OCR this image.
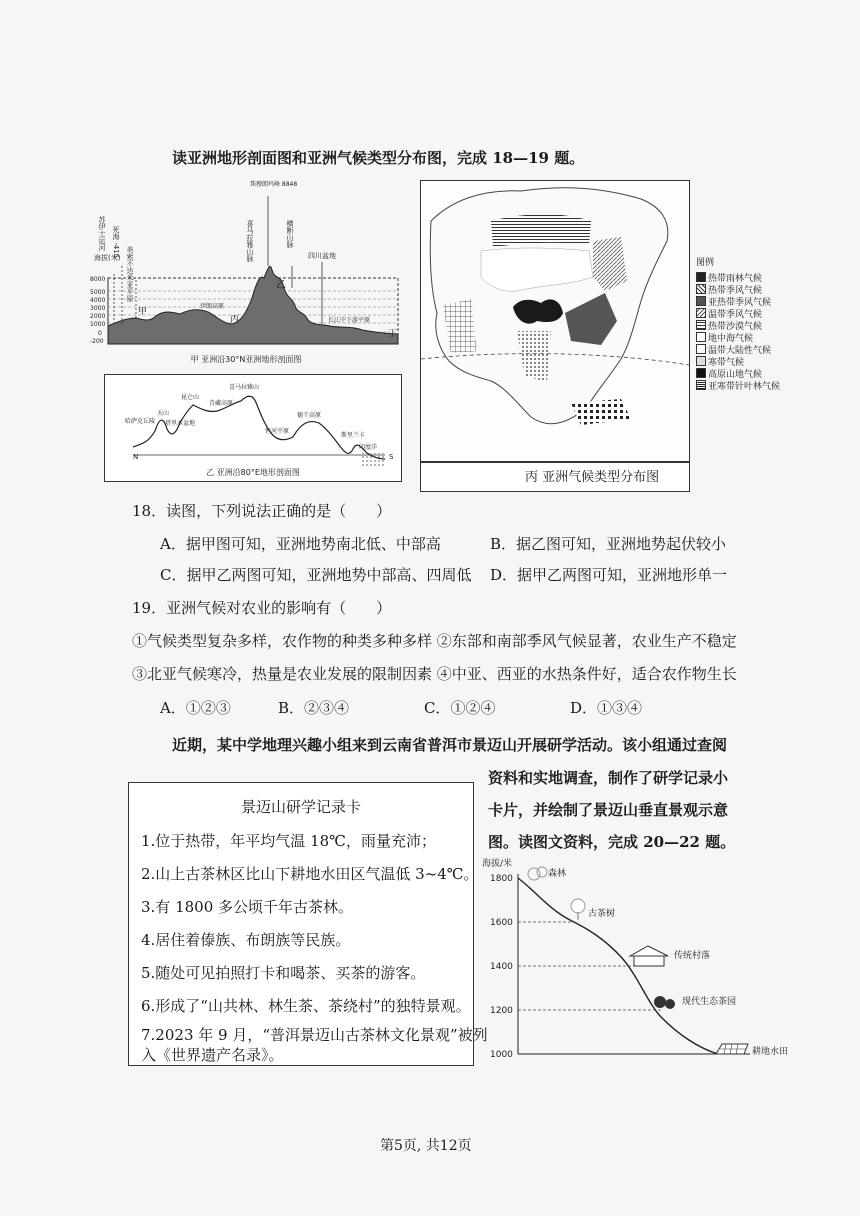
读亚洲地形剖面图和亚洲气候类型分布图，完成 18—19 题。
海拔(米)
8000
5000
4000
3000
2000
1000
0
-200
苏伊士运河 死海 -415
美索不达米亚平原
伊朗高原
珠穆朗玛峰 8848
喜马拉雅山脉	横断山脉
四川盆地
长江中下游平原
甲
乙
丙
丁
甲 亚洲沿30°N亚洲地形剖面图
N	S
哈萨克丘陵
天山
塔里木盆地
昆仑山
青藏高原
喜马拉雅山
恒河平原
德干高原
斯里兰卡
印度洋
乙 亚洲沿80°E地形剖面图
图例
热带雨林气候
热带季风气候
亚热带季风气候
温带季风气候
热带沙漠气候
地中海气候
温带大陆性气候
寒带气候
高原山地气候
亚寒带针叶林气候
丙 亚洲气候类型分布图
18．读图，下列说法正确的是（　　）
A．据甲图可知，亚洲地势南北低、中部高	B．据乙图可知，亚洲地势起伏较小
C．据甲乙两图可知，亚洲地势中部高、四周低 D．据甲乙两图可知，亚洲地形单一
19．亚洲气候对农业的影响有（　　）
①气候类型复杂多样，农作物的种类多种多样 ②东部和南部季风气候显著，农业生产不稳定
③北亚气候寒冷，热量是农业发展的限制因素 ④中亚、西亚的水热条件好，适合农作物生长
A．①②③	B．②③④	C．①②④	D．①③④
近期，某中学地理兴趣小组来到云南省普洱市景迈山开展研学活动。该小组通过查阅
资料和实地调查，制作了研学记录小
卡片，并绘制了景迈山垂直景观示意
图。读图文资料，完成 20—22 题。
景迈山研学记录卡
1.位于热带，年平均气温 18℃，雨量充沛；
2.山上古茶林区比山下耕地水田区气温低 3~4℃。
3.有 1800 多公顷千年古茶林。
4.居住着傣族、布朗族等民族。
5.随处可见拍照打卡和喝茶、买茶的游客。
6.形成了“山共林、林生茶、茶绕村”的独特景观。
7.2023 年 9 月，“普洱景迈山古茶林文化景观”被列
入《世界遗产名录》。
海拔/米
1800
1600
1400
1200
1000
森林
古茶树
传统村落
现代生态茶园
耕地水田
第5页, 共12页
